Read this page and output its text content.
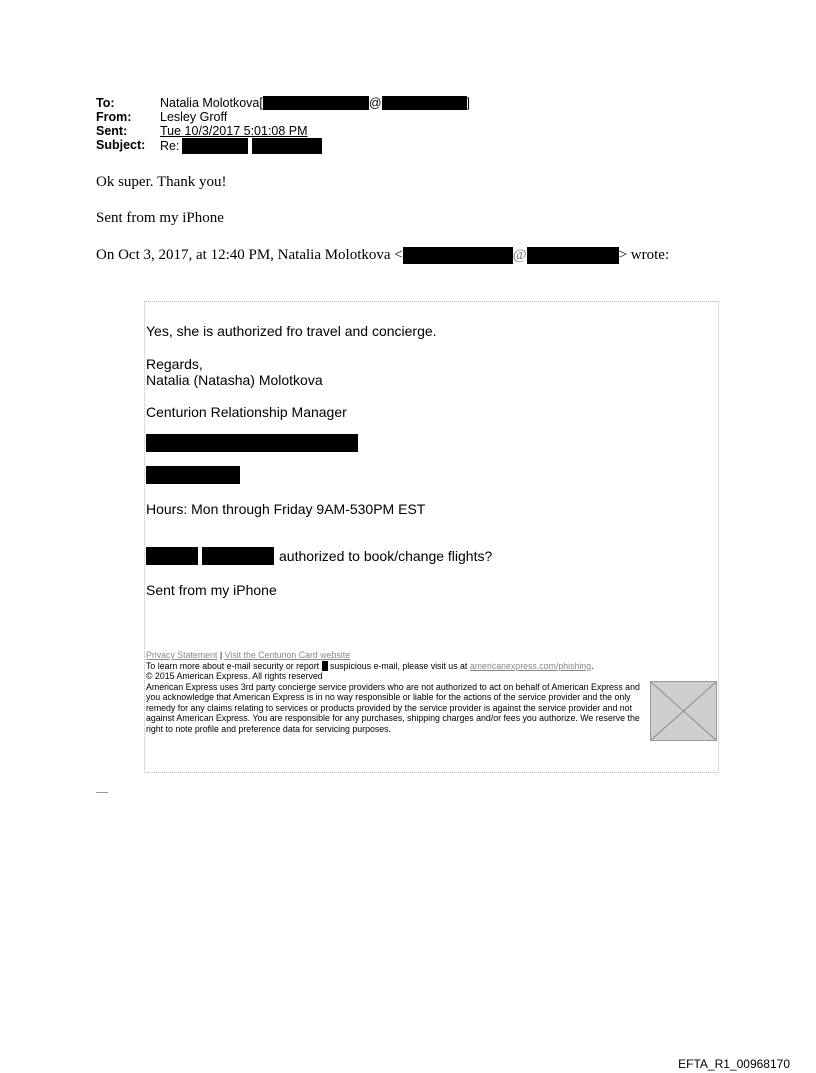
To:	Natalia Molotkova[	@	]
From:	Lesley Groff
Sent:	Tue 10/3/2017 5:01:08 PM
Subject:	Re:
Ok super. Thank you!
Sent from my iPhone
On Oct 3, 2017, at 12:40 PM, Natalia Molotkova <	@	> wrote:
Yes, she is authorized fro travel and concierge.
Regards,
Natalia (Natasha) Molotkova
Centurion Relationship Manager
Hours: Mon through Friday 9AM-530PM EST
authorized to book/change flights?
Sent from my iPhone
Privacy Statement | Visit the Centurion Card website
To learn more about e-mail security or report suspicious e-mail, please visit us at americanexpress.com/phishing.
© 2015 American Express. All rights reserved
American Express uses 3rd party concierge service providers who are not authorized to act on behalf of American Express and you acknowledge that American Express is in no way responsible or liable for the actions of the service provider and the only remedy for any claims relating to services or products provided by the service provider is against the service provider and not against American Express. You are responsible for any purchases, shipping charges and/or fees you authorize. We reserve the right to note profile and preference data for servicing purposes.
EFTA_R1_00968170
